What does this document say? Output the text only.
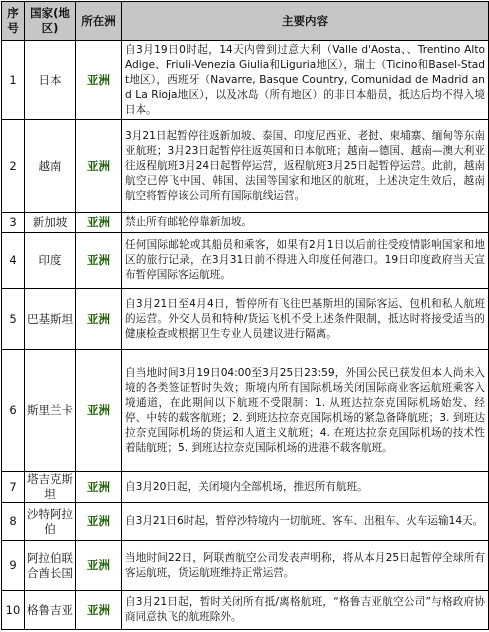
序号	国家(地区)	所在洲	主要内容
1	日本	亚洲	自3月19日0时起，14天内曾到过意大利（Valle d'Aosta、、Trentino Alto Adige、Friuli-Venezia Giulia和Liguria地区），瑞士（Ticino和Basel-Stadt地区），西班牙（Navarre, Basque Country, Comunidad de Madrid and La Rioja地区），以及冰岛（所有地区）的非日本船员，抵达后均不得入境日本。
2	越南	亚洲	3月21日起暂停往返新加坡、泰国、印度尼西亚、老挝、柬埔寨、缅甸等东南亚航班；3月23日起暂停往返英国和日本航班；越南—德国、越南—澳大利亚往返程航班3月24日起暂停运营，返程航班3月25日起暂停运营。此前，越南航空已停飞中国、韩国、法国等国家和地区的航班，上述决定生效后，越南航空将暂停该公司所有国际航线运营。
3	新加坡	亚洲	禁止所有邮轮停靠新加坡。
4	印度	亚洲	任何国际邮轮或其船员和乘客，如果有2月1日以后前往受疫情影响国家和地区的旅行记录，在3月31日前不得进入印度任何港口。19日印度政府当天宣布暂停国际客运航班。
5	巴基斯坦	亚洲	自3月21日至4月4日，暂停所有飞往巴基斯坦的国际客运、包机和私人航班的运营。外交人员和特种/货运飞机不受上述条件限制，抵达时将接受适当的健康检查或根据卫生专业人员建议进行隔离。
6	斯里兰卡	亚洲	自当地时间3月19日04:00至3月25日23:59，外国公民已获发但本人尚未入境的各类签证暂时失效；斯境内所有国际机场关闭国际商业客运航班乘客入境通道，在此期间以下航班不受限制：1. 从班达拉奈克国际机场始发、经停、中转的载客航班；2. 到班达拉奈克国际机场的紧急备降航班；3. 到班达拉奈克国际机场的货运和人道主义航班；4. 在班达拉奈克国际机场的技术性着陆航班；5. 到班达拉奈克国际机场的进港不载客航班。
7	塔吉克斯坦	亚洲	自3月20日起，关闭境内全部机场，推迟所有航班。
8	沙特阿拉伯	亚洲	自3月21日6时起，暂停沙特境内一切航班、客车、出租车、火车运输14天。
9	阿拉伯联合酋长国	亚洲	当地时间22日，阿联酋航空公司发表声明称，将从本月25日起暂停全球所有客运航班，货运航班维持正常运营。
10	格鲁吉亚	亚洲	自3月21日起，暂时关闭所有抵/离格航班，“格鲁吉亚航空公司”与格政府协商同意执飞的航班除外。
